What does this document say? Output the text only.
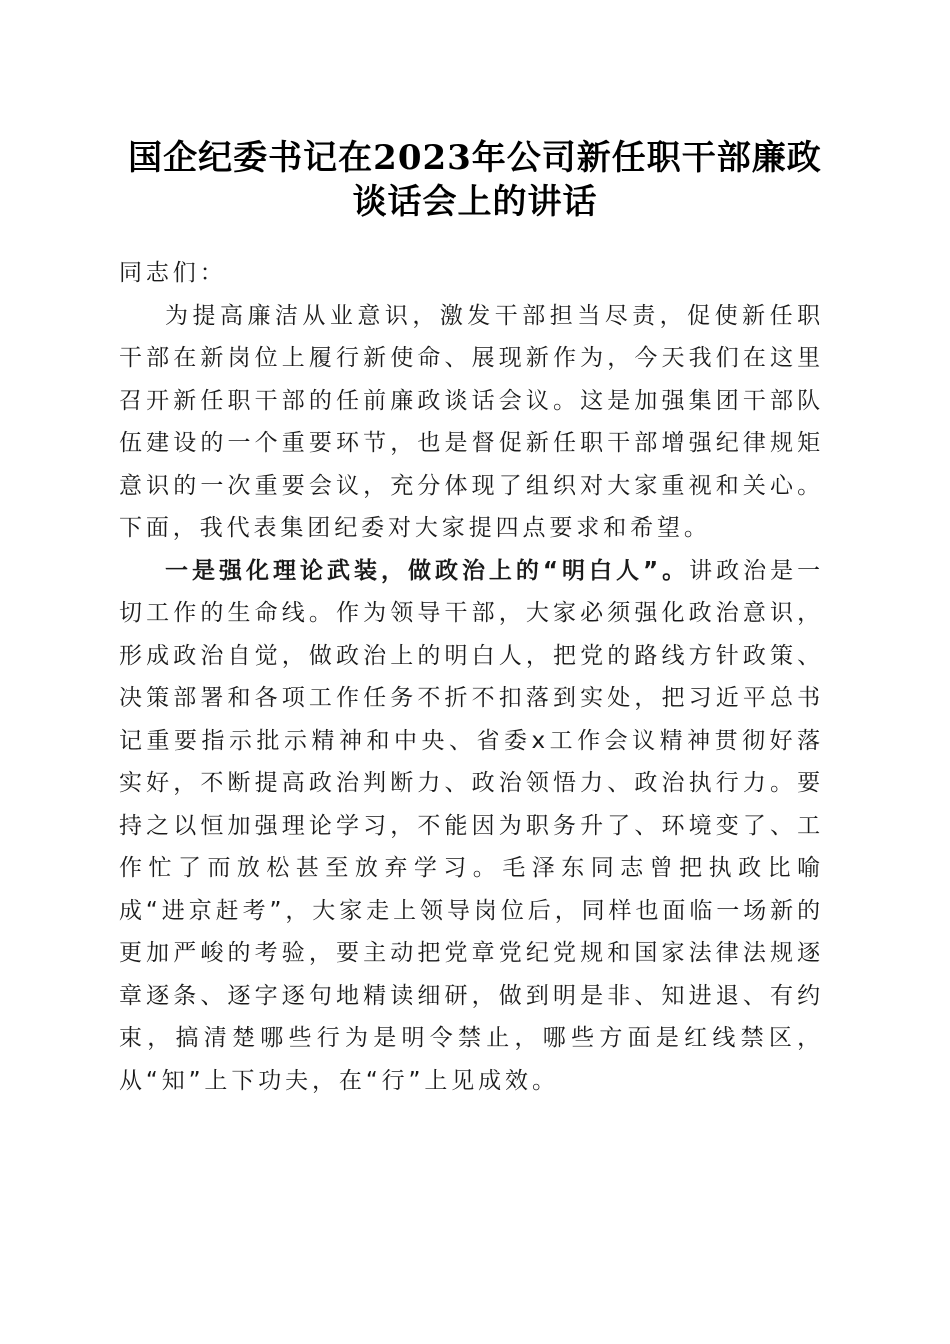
国企纪委书记在2023年公司新任职干部廉政
谈话会上的讲话

同志们：

为提高廉洁从业意识，激发干部担当尽责，促使新任职干部在新岗位上履行新使命、展现新作为，今天我们在这里召开新任职干部的任前廉政谈话会议。这是加强集团干部队伍建设的一个重要环节，也是督促新任职干部增强纪律规矩意识的一次重要会议，充分体现了组织对大家重视和关心。下面，我代表集团纪委对大家提四点要求和希望。

一是强化理论武装，做政治上的“明白人”。讲政治是一切工作的生命线。作为领导干部，大家必须强化政治意识，形成政治自觉，做政治上的明白人，把党的路线方针政策、决策部署和各项工作任务不折不扣落到实处，把习近平总书记重要指示批示精神和中央、省委x工作会议精神贯彻好落实好，不断提高政治判断力、政治领悟力、政治执行力。要持之以恒加强理论学习，不能因为职务升了、环境变了、工作忙了而放松甚至放弃学习。毛泽东同志曾把执政比喻成“进京赶考”，大家走上领导岗位后，同样也面临一场新的更加严峻的考验，要主动把党章党纪党规和国家法律法规逐章逐条、逐字逐句地精读细研，做到明是非、知进退、有约束，搞清楚哪些行为是明令禁止，哪些方面是红线禁区，从“知”上下功夫，在“行”上见成效。
